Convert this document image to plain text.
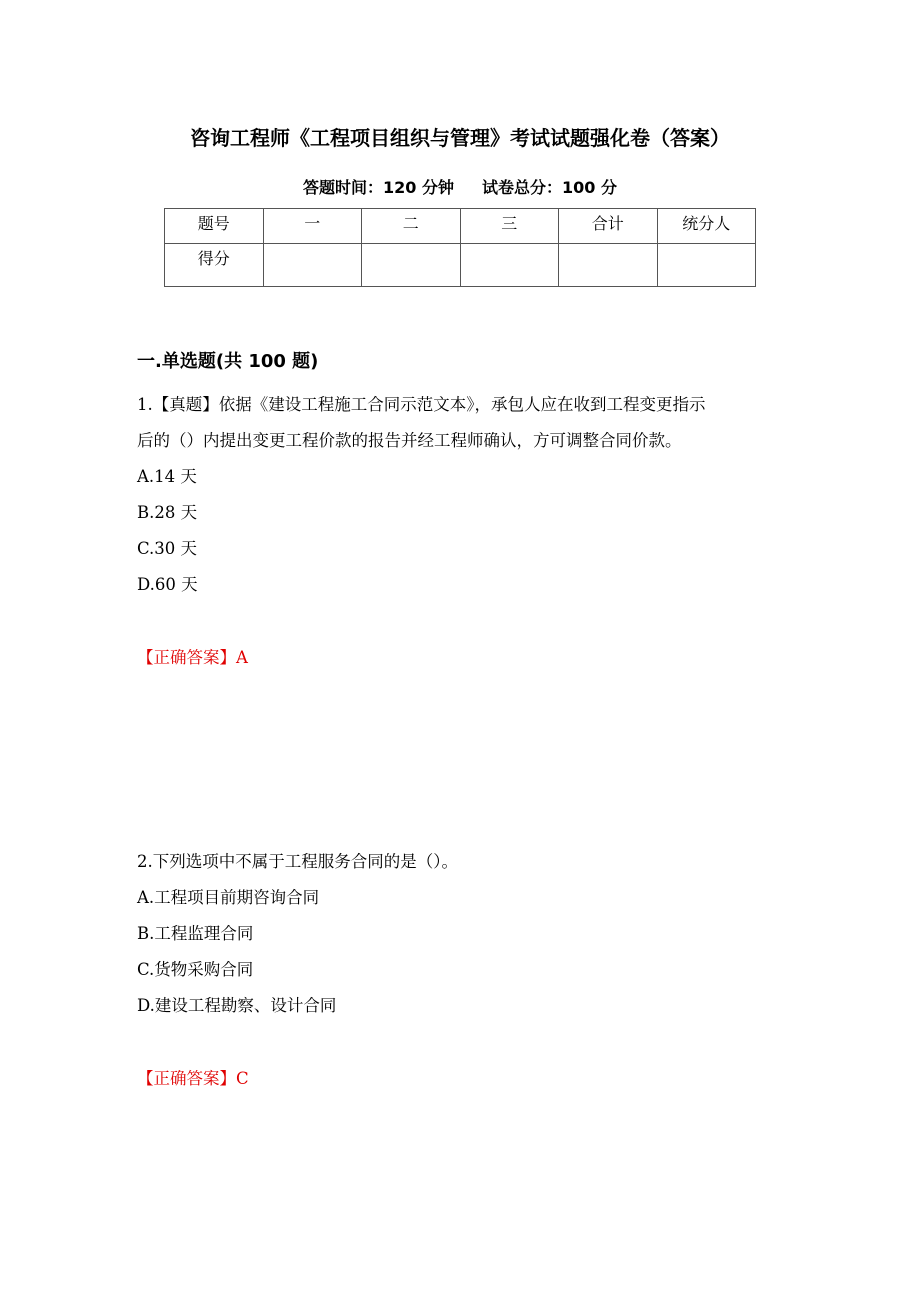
咨询工程师《工程项目组织与管理》考试试题强化卷（答案）
答题时间：120 分钟 试卷总分：100 分
题号	一	二	三	合计	统分人
得分					
一.单选题(共 100 题)
1.【真题】依据《建设工程施工合同示范文本》，承包人应在收到工程变更指示
后的（）内提出变更工程价款的报告并经工程师确认，方可调整合同价款。
A.14 天
B.28 天
C.30 天
D.60 天
【正确答案】A
2.下列选项中不属于工程服务合同的是（）。
A.工程项目前期咨询合同
B.工程监理合同
C.货物采购合同
D.建设工程勘察、设计合同
【正确答案】C
